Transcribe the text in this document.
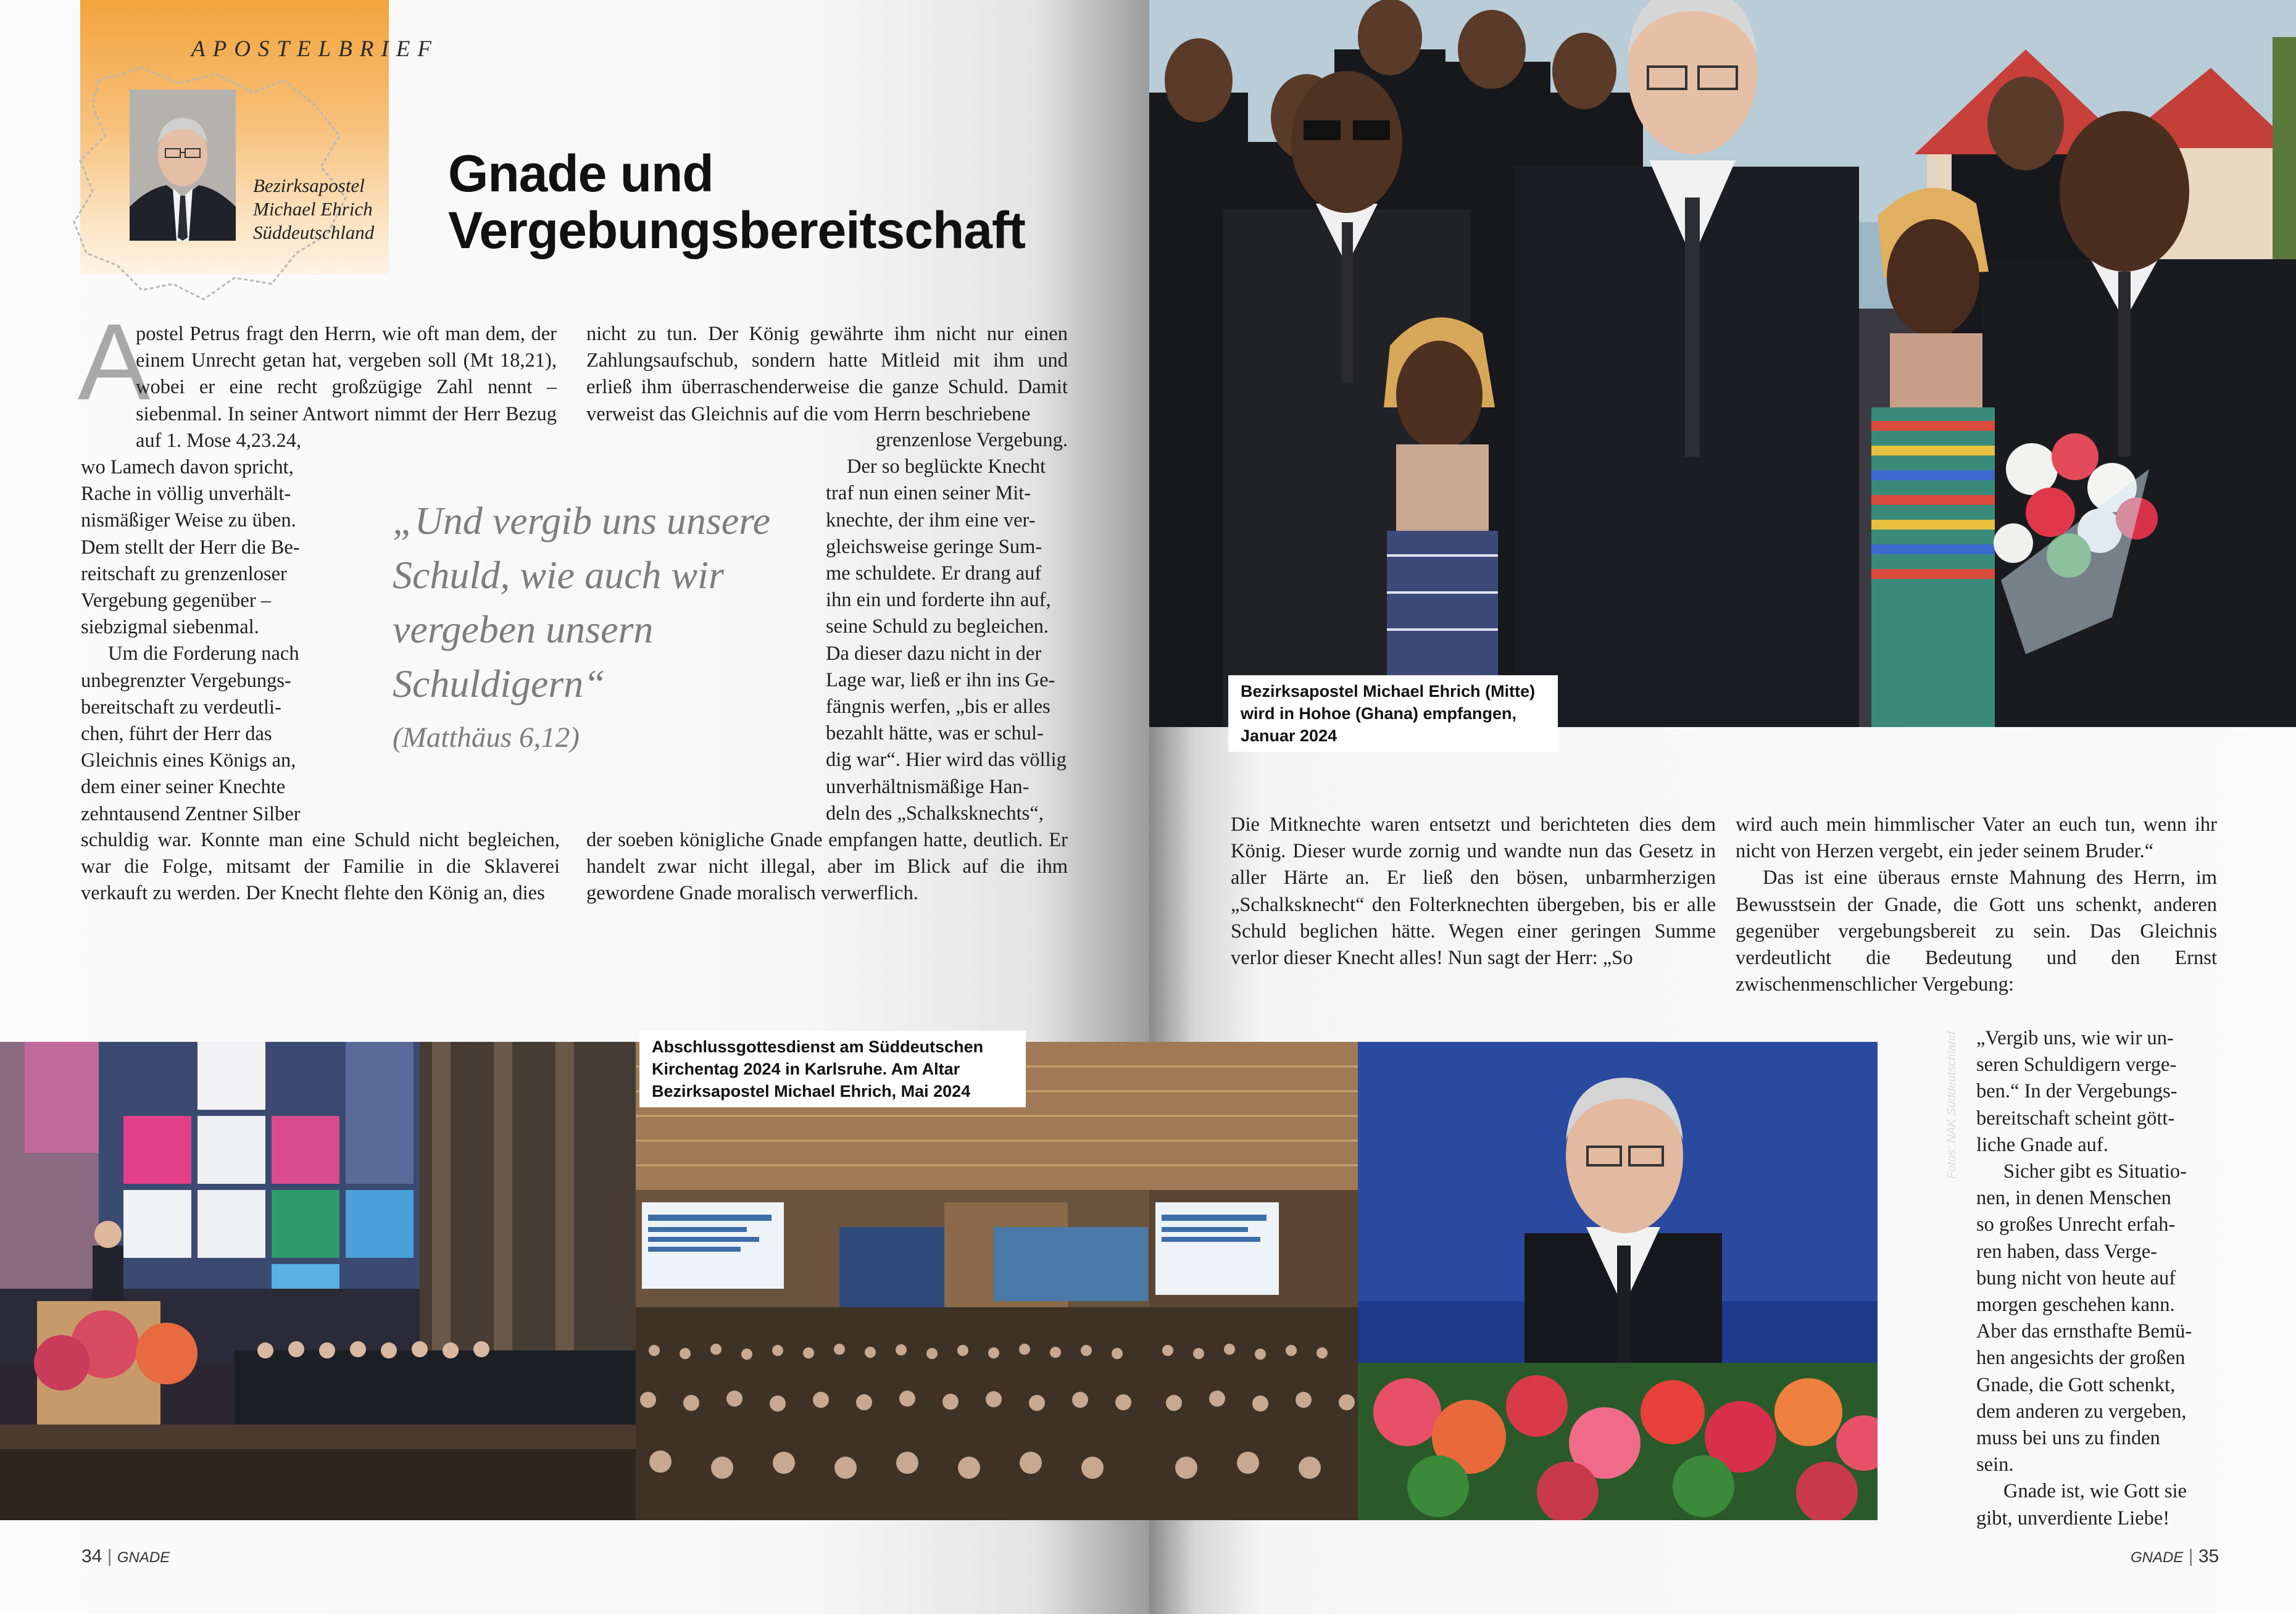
APOSTELBRIEF
Bezirksapostel
Michael Ehrich
Süddeutschland
Gnade und
Vergebungsbereitschaft
A

postel Petrus fragt den Herrn, wie oft man dem, der einem Unrecht getan hat, vergeben soll (Mt 18,21), wobei er eine recht großzügige Zahl nennt – siebenmal. In seiner Antwort nimmt der Herr Bezug auf 1. Mose 4,23.24,

wo Lamech davon spricht,
Rache in völlig unverhält-
nismäßiger Weise zu üben.
Dem stellt der Herr die Be-
reitschaft zu grenzenloser
Vergebung gegenüber –
siebzigmal siebenmal.
Um die Forderung nach
unbegrenzter Vergebungs-
bereitschaft zu verdeutli-
chen, führt der Herr das
Gleichnis eines Königs an,
dem einer seiner Knechte
zehntausend Zentner Silber

schuldig war. Konnte man eine Schuld nicht begleichen, war die Folge, mitsamt der Familie in die Sklaverei verkauft zu werden. Der Knecht flehte den König an, dies

nicht zu tun. Der König gewährte ihm nicht nur einen Zahlungsaufschub, sondern hatte Mitleid mit ihm und erließ ihm überraschenderweise die ganze Schuld. Damit verweist das Gleichnis auf die vom Herrn beschriebene

grenzenlose Vergebung.
Der so beglückte Knecht
traf nun einen seiner Mit-
knechte, der ihm eine ver-
gleichsweise geringe Sum-
me schuldete. Er drang auf
ihn ein und forderte ihn auf,
seine Schuld zu begleichen.
Da dieser dazu nicht in der
Lage war, ließ er ihn ins Ge-
fängnis werfen, „bis er alles
bezahlt hätte, was er schul-
dig war“. Hier wird das völlig
unverhältnismäßige Han-
deln des „Schalksknechts“,

der soeben königliche Gnade empfangen hatte, deutlich. Er handelt zwar nicht illegal, aber im Blick auf die ihm gewordene Gnade moralisch verwerflich.

„Und vergib uns unsere Schuld, wie auch wir vergeben unsern Schuldigern“
(Matthäus 6,12)
Abschlussgottesdienst am Süddeutschen Kirchentag 2024 in Karlsruhe. Am Altar Bezirksapostel Michael Ehrich, Mai 2024
34 | GNADE
Bezirksapostel Michael Ehrich (Mitte) wird in Hohoe (Ghana) empfangen, Januar 2024

Die Mitknechte waren entsetzt und berichteten dies dem König. Dieser wurde zornig und wandte nun das Gesetz in aller Härte an. Er ließ den bösen, unbarmherzigen „Schalksknecht“ den Folterknechten übergeben, bis er alle Schuld beglichen hätte. Wegen einer geringen Summe verlor dieser Knecht alles! Nun sagt der Herr: „So

wird auch mein himmlischer Vater an euch tun, wenn ihr nicht von Herzen vergebt, ein jeder seinem Bruder.“

Das ist eine überaus ernste Mahnung des Herrn, im Bewusstsein der Gnade, die Gott uns schenkt, anderen gegenüber vergebungsbereit zu sein. Das Gleichnis verdeutlicht die Bedeutung und den Ernst zwischenmenschlicher Vergebung:

„Vergib uns, wie wir un-
seren Schuldigern verge-
ben.“ In der Vergebungs-
bereitschaft scheint gött-
liche Gnade auf.
Sicher gibt es Situatio-
nen, in denen Menschen
so großes Unrecht erfah-
ren haben, dass Verge-
bung nicht von heute auf
morgen geschehen kann.
Aber das ernsthafte Bemü-
hen angesichts der großen
Gnade, die Gott schenkt,
dem anderen zu vergeben,
muss bei uns zu finden
sein.
Gnade ist, wie Gott sie
gibt, unverdiente Liebe!
Fotos: NAK Süddeutschland
GNADE | 35
